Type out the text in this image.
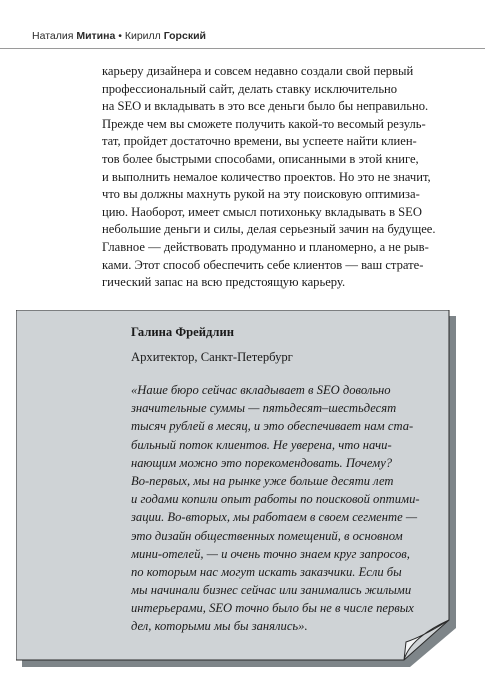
Наталия Митина • Кирилл Горский
карьеру дизайнера и совсем недавно создали свой первый
профессиональный сайт, делать ставку исключительно
на SEO и вкладывать в это все деньги было бы неправильно.
Прежде чем вы сможете получить какой-то весомый резуль-
тат, пройдет достаточно времени, вы успеете найти клиен-
тов более быстрыми способами, описанными в этой книге,
и выполнить немалое количество проектов. Но это не значит,
что вы должны махнуть рукой на эту поисковую оптимиза-
цию. Наоборот, имеет смысл потихоньку вкладывать в SEO
небольшие деньги и силы, делая серьезный зачин на будущее.
Главное — действовать продуманно и планомерно, а не рыв-
ками. Этот способ обеспечить себе клиентов — ваш страте-
гический запас на всю предстоящую карьеру.
Галина Фрейдлин
Архитектор, Санкт-Петербург
«Наше бюро сейчас вкладывает в SEO довольно
значительные суммы — пятьдесят–шестьдесят
тысяч рублей в месяц, и это обеспечивает нам ста-
бильный поток клиентов. Не уверена, что начи-
нающим можно это порекомендовать. Почему?
Во-первых, мы на рынке уже больше десяти лет
и годами копили опыт работы по поисковой оптими-
зации. Во-вторых, мы работаем в своем сегменте —
это дизайн общественных помещений, в основном
мини-отелей, — и очень точно знаем круг запросов,
по которым нас могут искать заказчики. Если бы
мы начинали бизнес сейчас или занимались жилыми
интерьерами, SEO точно было бы не в числе первых
дел, которыми мы бы занялись».
